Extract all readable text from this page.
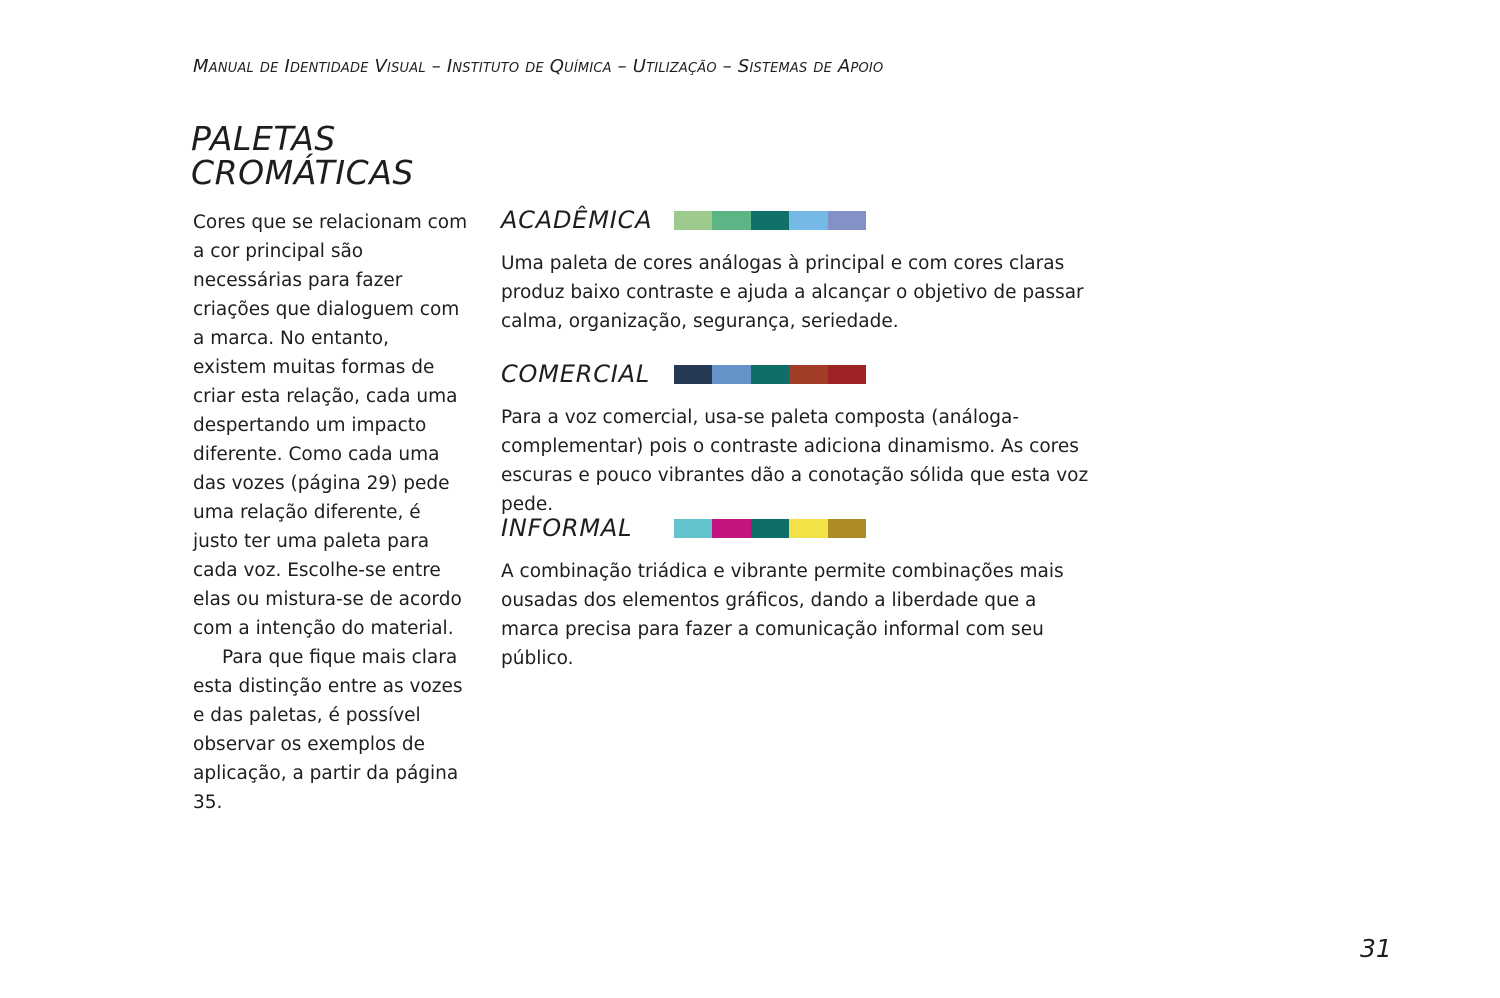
Manual de Identidade Visual – Instituto de Química – Utilização – Sistemas de Apoio
PALETAS
CROMÁTICAS

Cores que se relacionam com a cor principal são necessárias para fazer criações que dialoguem com a marca. No entanto, existem muitas formas de criar esta relação, cada uma despertando um impacto diferente. Como cada uma das vozes (página 29) pede uma relação diferente, é justo ter uma paleta para cada voz. Escolhe-se entre elas ou mistura-se de acordo com a intenção do material.

Para que fique mais clara esta distinção entre as vozes e das paletas, é possível observar os exemplos de aplicação, a partir da página 35.

ACADÊMICA

Uma paleta de cores análogas à principal e com cores claras produz baixo contraste e ajuda a alcançar o objetivo de passar calma, organização, segurança, seriedade.

COMERCIAL

Para a voz comercial, usa-se paleta composta (análoga-complementar) pois o contraste adiciona dinamismo. As cores escuras e pouco vibrantes dão a conotação sólida que esta voz pede.

INFORMAL

A combinação triádica e vibrante permite combinações mais ousadas dos elementos gráficos, dando a liberdade que a marca precisa para fazer a comunicação informal com seu público.

31
